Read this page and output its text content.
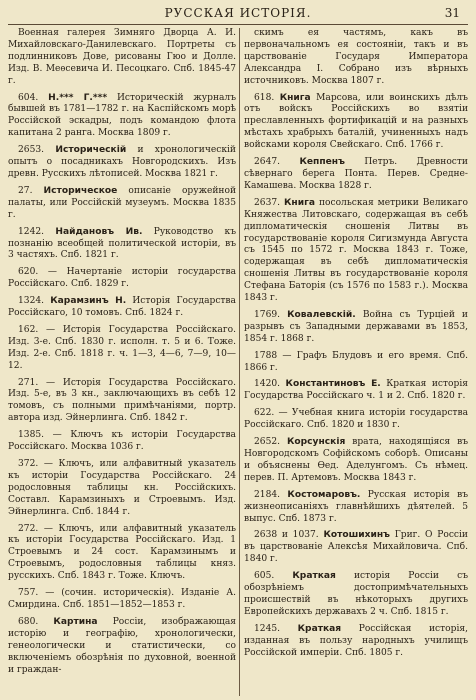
РУССКАЯ ИСТОРІЯ.	31

Военная галерея Зимняго Дворца А. И. Михайловскаго-Данилевскаго. Портреты съ подлинниковъ Дове, рисованы Гюо и Долле. Изд. В. Меѳсевича И. Песоцкаго. Спб. 1845-47 г.

604. Н.*** Г.*** Историческій журналъ бывшей въ 1781—1782 г. на Каспійскомъ морѣ Россійской эскадры, подъ командою флота капитана 2 ранга. Москва 1809 г.

2653. Историческій и хронологическій опытъ о посадникахъ Новгородскихъ. Изъ древн. Русскихъ лѣтописей. Москва 1821 г.

27. Историческое описаніе оружейной палаты, или Россійскій музеумъ. Москва 1835 г.

1242. Найдановъ Ив. Руководство къ познанію всеобщей политической исторіи, въ 3 частяхъ. Спб. 1821 г.

620. — Начертаніе исторіи государства Россійскаго. Спб. 1829 г.

1324. Карамзинъ Н. Исторія Государства Россійскаго, 10 томовъ. Спб. 1824 г.

162. — Исторія Государства Россійскаго. Изд. 3-е. Спб. 1830 г. исполн. т. 5 и 6. Тоже. Изд. 2-е. Спб. 1818 г. ч. 1—3, 4—6, 7—9, 10—12.

271. — Исторія Государства Россійскаго. Изд. 5-е, въ 3 кн., заключающихъ въ себѣ 12 томовъ, съ полными примѣчаніями, портр. автора изд. Эйнерлинга. Спб. 1842 г.

1385. — Ключъ къ исторіи Государства Россійскаго. Москва 1036 г.

372. — Ключъ, или алфавитный указатель къ исторіи Государства Россійскаго. 24 родословныя таблицы кн. Россійскихъ. Составл. Карамзиныхъ и Строевымъ. Изд. Эйнерлинга. Спб. 1844 г.

272. — Ключъ, или алфавитный указатель къ исторіи Государства Россійскаго. Изд. 1 Строевымъ и 24 сост. Карамзинымъ и Строевымъ, родословныя таблицы княз. русскихъ. Спб. 1843 г. Тоже. Ключъ.

757. — (сочин. историческія). Изданіе А. Смирдина. Спб. 1851—1852—1853 г.

680. Картина Россіи, изображающая исторію и географію, хронологически, генеологически и статистически, со включеніемъ обозрѣнія по духовной, военной и граждан-

скимъ ея частямъ, какъ въ первоначальномъ ея состояніи, такъ и въ царствованіе Государя Императора Александра I. Собрано изъ вѣрныхъ источниковъ. Москва 1807 г.

618. Книга Марсова, или воинскихъ дѣлъ отъ войскъ Россійскихъ во взятіи преславленныхъ фортификацій и на разныхъ мѣстахъ храбрыхъ баталій, учиненныхъ надъ войсками короля Свейскаго. Спб. 1766 г.

2647. Кеппенъ Петръ. Древности сѣвернаго берега Понта. Перев. Средне-Камашева. Москва 1828 г.

2637. Книга посольская метрики Великаго Княжества Литовскаго, содержащая въ себѣ дипломатическія сношенія Литвы въ государствованіе короля Сигизмунда Августа съ 1545 по 1572 г. Москва 1843 г. Тоже, содержащая въ себѣ дипломатическія сношенія Литвы въ государствованіе короля Стефана Баторія (съ 1576 по 1583 г.). Москва 1843 г.

1769. Ковалевскій. Война съ Турціей и разрывъ съ Западными державами въ 1853, 1854 г. 1868 г.

1788 — Графъ Блудовъ и его время. Спб. 1866 г.

1420. Константиновъ Е. Краткая исторія Государства Россійскаго ч. 1 и 2. Спб. 1820 г.

622. — Учебная книга исторіи государства Россійскаго. Спб. 1820 и 1830 г.

2652. Корсунскія врата, находящіяся въ Новгородскомъ Софійскомъ соборѣ. Описаны и объяснены Ѳед. Аделунгомъ. Съ нѣмец. перев. П. Артемовъ. Москва 1843 г.

2184. Костомаровъ. Русская исторія въ жизнеописаніяхъ главнѣйшихъ дѣятелей. 5 выпус. Спб. 1873 г.

2638 и 1037. Котошихинъ Григ. О Россіи въ царствованіе Алексѣя Михайловича. Спб. 1840 г.

605. Краткая исторія Россіи съ обозрѣніемъ достопримѣчательныхъ происшествій въ нѣкоторыхъ другихъ Европейскихъ державахъ 2 ч. Спб. 1815 г.

1245. Краткая Россійская исторія, изданная въ пользу народныхъ училищъ Россійской имперіи. Спб. 1805 г.
